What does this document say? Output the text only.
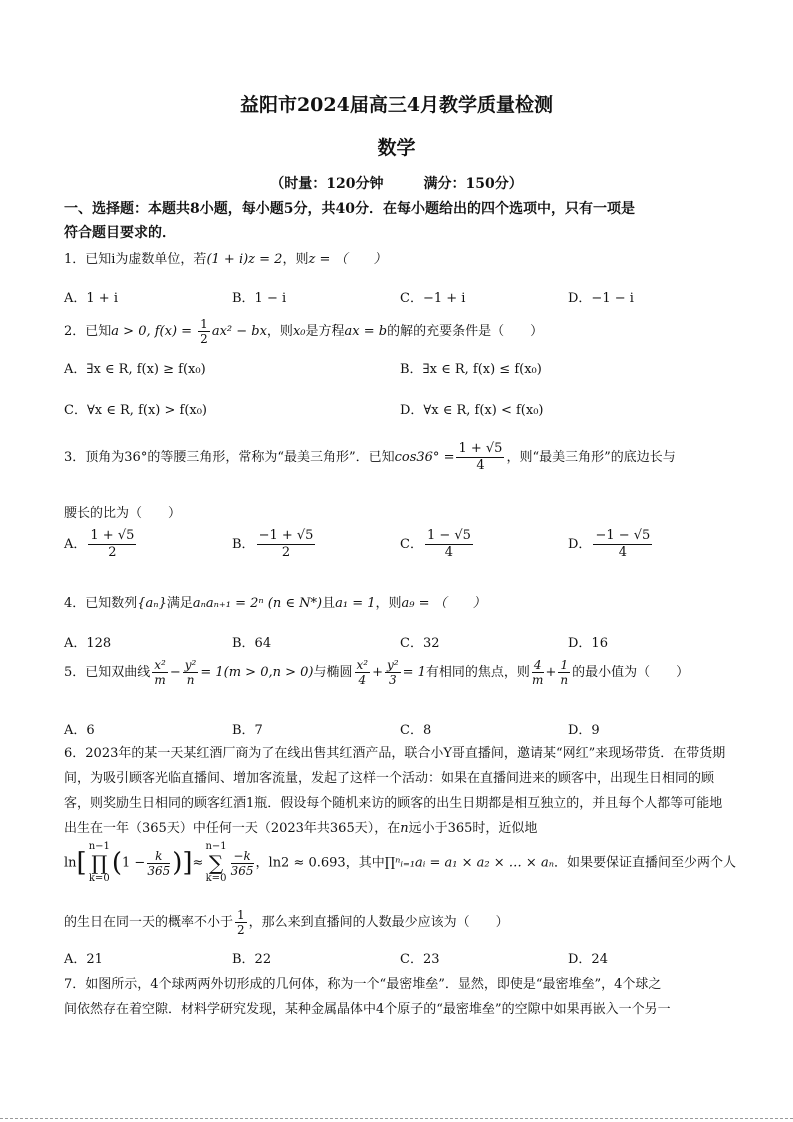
益阳市2024届高三4月教学质量检测
数学
（时量：120分钟	满分：150分）
一、选择题：本题共8小题，每小题5分，共40分．在每小题给出的四个选项中，只有一项是
符合题目要求的．
1．已知i为虚数单位，若(1 + i)z = 2，则z = （　　）
A．1 + i	B．1 − i	C．−1 + i	D．−1 − i
2．已知a > 0, $f(x) = \frac{1}{2} ax^2$ − bx，则x₀是方程ax = b的解的充要条件是（　　）
A．∃x ∈ R, f(x) ≥ f(x₀)	B．∃x ∈ R, f(x) ≤ f(x₀)
C．∀x ∈ R, f(x) > f(x₀)	D．∀x ∈ R, f(x) < f(x₀)
3．顶角为36°的等腰三角形，常称为“最美三角形”．已知$\cos 36^\circ = \frac{1 + √5}{4}$ ，则“最美三角形”的底边长与
腰长的比为（　　）
A． $\frac{1 + √5}{2}$	B． $\frac{-1 + √5}{2}$	C． $\frac{1 - √5}{4}$	D． $\frac{-1 - √5}{4}$
4．已知数列{aₙ}满足aₙaₙ₊₁ = 2ⁿ (n ∈ N*)且a₁ = 1，则a₉ = （　　）
A．128	B．64	C．32	D．16
5．已知双曲线 $\frac{\text{x²}}{m} - \frac{\text{y²}}{n} = 1(m > 0,n > 0)$与椭圆 $\frac{\text{x²}}{4} + \frac{\text{y²}}{3} = 1$有相同的焦点，则 $\frac{4}{m} + \frac{1}{n}$ 的最小值为（　　）
A．6	B．7	C．8	D．9
6．2023年的某一天某红酒厂商为了在线出售其红酒产品，联合小Y哥直播间，邀请某“网红”来现场带货．在带货期间，为吸引顾客光临直播间、增加客流量，发起了这样一个活动：如果在直播间进来的顾客中，出现生日相同的顾客，则奖励生日相同的顾客红酒1瓶．假设每个随机来访的顾客的出生日期都是相互独立的，并且每个人都等可能地出生在一年（365天）中任何一天（2023年共365天），在n远小于365时，近似地
ln[
n−1
∏
k=0
($1 - \frac{k}{365}$ )]≈
n−1
∑
k=0
$\frac{-k}{365}$ ，ln2 ≈ 0.693，其中∏ⁿᵢ₌₁aᵢ = a₁ × a₂ × … × aₙ．如果要保证直播间至少两个人
的生日在同一天的概率不小于 $\frac{1}{2}$ ，那么来到直播间的人数最少应该为（　　）
A．21	B．22	C．23	D．24
7．如图所示，4个球两两外切形成的几何体，称为一个“最密堆垒”．显然，即使是“最密堆垒”，4个球之
间依然存在着空隙．材料学研究发现，某种金属晶体中4个原子的“最密堆垒”的空隙中如果再嵌入一个另一
